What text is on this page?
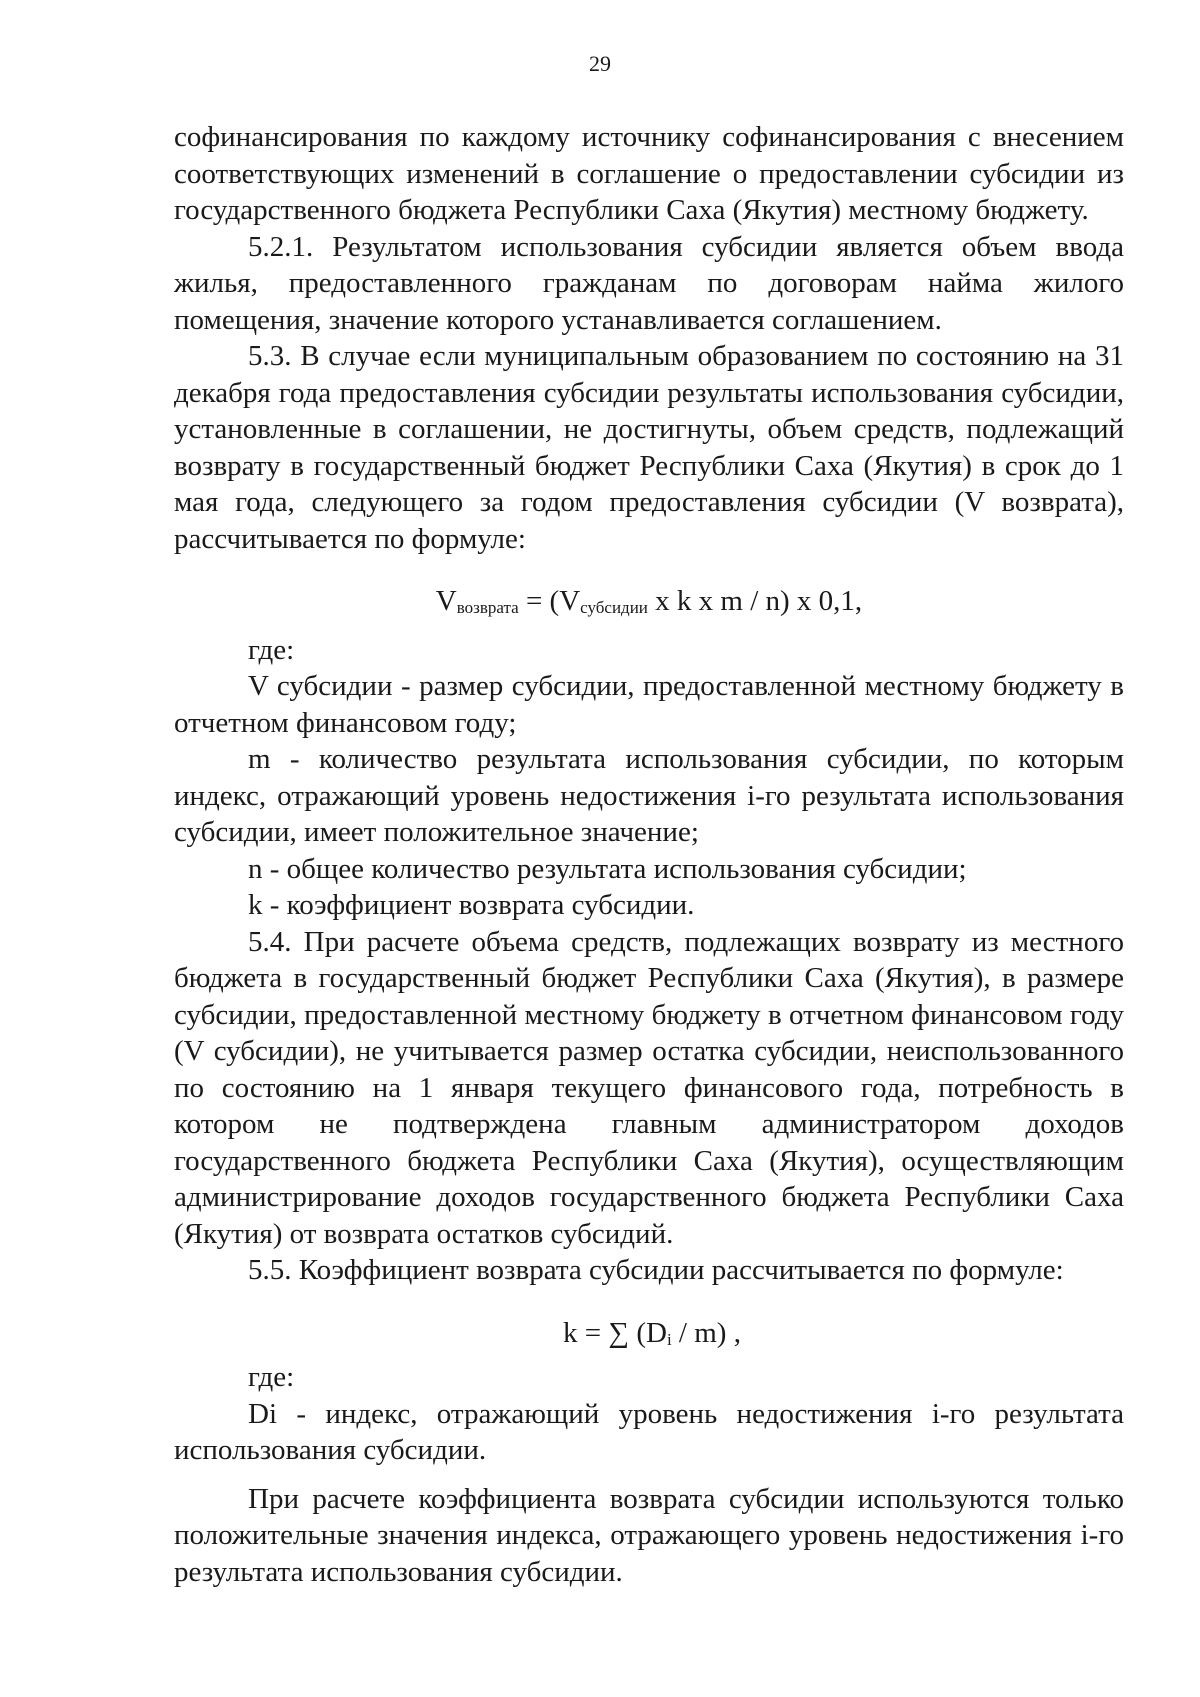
29

софинансирования по каждому источнику софинансирования с внесением соответствующих изменений в соглашение о предоставлении субсидии из государственного бюджета Республики Саха (Якутия) местному бюджету.

5.2.1. Результатом использования субсидии является объем ввода жилья, предоставленного гражданам по договорам найма жилого помещения, значение которого устанавливается соглашением.

5.3. В случае если муниципальным образованием по состоянию на 31 декабря года предоставления субсидии результаты использования субсидии, установленные в соглашении, не достигнуты, объем средств, подлежащий возврату в государственный бюджет Республики Саха (Якутия) в срок до 1 мая года, следующего за годом предоставления субсидии (V возврата), рассчитывается по формуле:

$V_{возврата} = (V_{субсидии}$ x k x m / n) x 0,1,

где:

V субсидии - размер субсидии, предоставленной местному бюджету в отчетном финансовом году;

m - количество результата использования субсидии, по которым индекс, отражающий уровень недостижения i-го результата использования субсидии, имеет положительное значение;

n - общее количество результата использования субсидии;

k - коэффициент возврата субсидии.

5.4. При расчете объема средств, подлежащих возврату из местного бюджета в государственный бюджет Республики Саха (Якутия), в размере субсидии, предоставленной местному бюджету в отчетном финансовом году (V субсидии), не учитывается размер остатка субсидии, неиспользованного по состоянию на 1 января текущего финансового года, потребность в котором не подтверждена главным администратором доходов государственного бюджета Республики Саха (Якутия), осуществляющим администрирование доходов государственного бюджета Республики Саха (Якутия) от возврата остатков субсидий.

5.5. Коэффициент возврата субсидии рассчитывается по формуле:

k = ∑ $(D_i / m)$ ,

где:

Di - индекс, отражающий уровень недостижения i-го результата использования субсидии.

При расчете коэффициента возврата субсидии используются только положительные значения индекса, отражающего уровень недостижения i-го результата использования субсидии.
